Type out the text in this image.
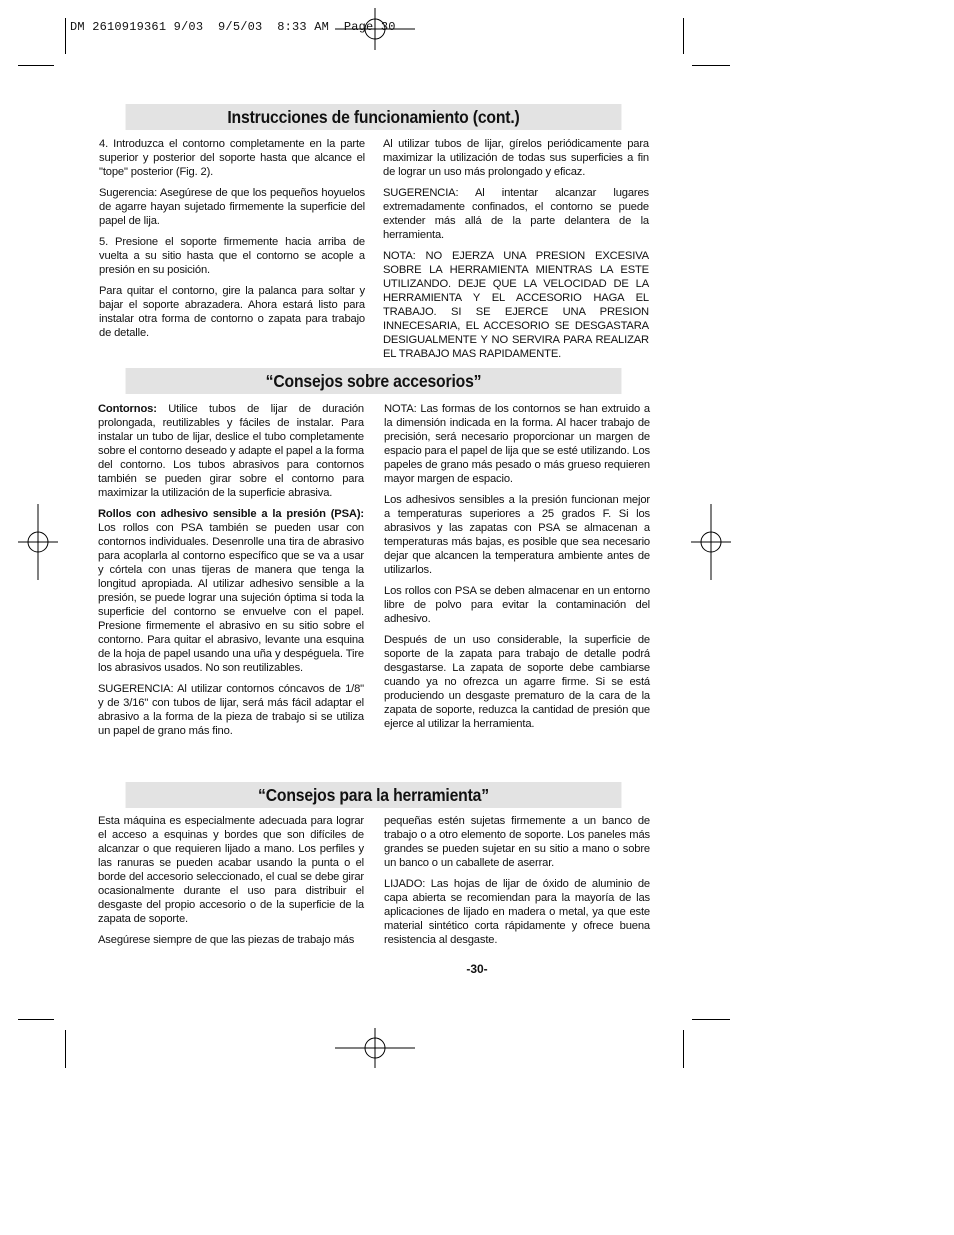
DM 2610919361 9/03  9/5/03  8:33 AM  Page 30
Instrucciones de funcionamiento (cont.)

4. Introduzca el contorno completamente en la parte superior y posterior del soporte hasta que alcance el "tope" posterior (Fig. 2).

Sugerencia: Asegúrese de que los pequeños hoyuelos de agarre hayan sujetado firmemente la superficie del papel de lija.

5. Presione el soporte firmemente hacia arriba de vuelta a su sitio hasta que el contorno se acople a presión en su posición.

Para quitar el contorno, gire la palanca para soltar y bajar el soporte abrazadera. Ahora estará listo para instalar otra forma de contorno o zapata para trabajo de detalle.

Al utilizar tubos de lijar, gírelos periódicamente para maximizar la utilización de todas sus superficies a fin de lograr un uso más prolongado y eficaz.

SUGERENCIA: Al intentar alcanzar lugares extremadamente confinados, el contorno se puede extender más allá de la parte delantera de la herramienta.

NOTA: NO EJERZA UNA PRESION EXCESIVA SOBRE LA HERRAMIENTA MIENTRAS LA ESTE UTILIZANDO. DEJE QUE LA VELOCIDAD DE LA HERRAMIENTA Y EL ACCESORIO HAGA EL TRABAJO. SI SE EJERCE UNA PRESION INNECESARIA, EL ACCESORIO SE DESGASTARA DESIGUALMENTE Y NO SERVIRA PARA REALIZAR EL TRABAJO MAS RAPIDAMENTE.

“Consejos sobre accesorios”

Contornos: Utilice tubos de lijar de duración prolongada, reutilizables y fáciles de instalar. Para instalar un tubo de lijar, deslice el tubo completamente sobre el contorno deseado y adapte el papel a la forma del contorno. Los tubos abrasivos para contornos también se pueden girar sobre el contorno para maximizar la utilización de la superficie abrasiva.

Rollos con adhesivo sensible a la presión (PSA): Los rollos con PSA también se pueden usar con contornos individuales. Desenrolle una tira de abrasivo para acoplarla al contorno específico que se va a usar y córtela con unas tijeras de manera que tenga la longitud apropiada. Al utilizar adhesivo sensible a la presión, se puede lograr una sujeción óptima si toda la superficie del contorno se envuelve con el papel. Presione firmemente el abrasivo en su sitio sobre el contorno. Para quitar el abrasivo, levante una esquina de la hoja de papel usando una uña y despéguela. Tire los abrasivos usados. No son reutilizables.

SUGERENCIA: Al utilizar contornos cóncavos de 1/8" y de 3/16" con tubos de lijar, será más fácil adaptar el abrasivo a la forma de la pieza de trabajo si se utiliza un papel de grano más fino.

NOTA: Las formas de los contornos se han extruido a la dimensión indicada en la forma. Al hacer trabajo de precisión, será necesario proporcionar un margen de espacio para el papel de lija que se esté utilizando. Los papeles de grano más pesado o más grueso requieren mayor margen de espacio.

Los adhesivos sensibles a la presión funcionan mejor a temperaturas superiores a 25 grados F. Si los abrasivos y las zapatas con PSA se almacenan a temperaturas más bajas, es posible que sea necesario dejar que alcancen la temperatura ambiente antes de utilizarlos.

Los rollos con PSA se deben almacenar en un entorno libre de polvo para evitar la contaminación del adhesivo.

Después de un uso considerable, la superficie de soporte de la zapata para trabajo de detalle podrá desgastarse. La zapata de soporte debe cambiarse cuando ya no ofrezca un agarre firme. Si se está produciendo un desgaste prematuro de la cara de la zapata de soporte, reduzca la cantidad de presión que ejerce al utilizar la herramienta.

“Consejos para la herramienta”

Esta máquina es especialmente adecuada para lograr el acceso a esquinas y bordes que son difíciles de alcanzar o que requieren lijado a mano. Los perfiles y las ranuras se pueden acabar usando la punta o el borde del accesorio seleccionado, el cual se debe girar ocasionalmente durante el uso para distribuir el desgaste del propio accesorio o de la superficie de la zapata de soporte.

Asegúrese siempre de que las piezas de trabajo más

pequeñas estén sujetas firmemente a un banco de trabajo o a otro elemento de soporte. Los paneles más grandes se pueden sujetar en su sitio a mano o sobre un banco o un caballete de aserrar.

LIJADO: Las hojas de lijar de óxido de aluminio de capa abierta se recomiendan para la mayoría de las aplicaciones de lijado en madera o metal, ya que este material sintético corta rápidamente y ofrece buena resistencia al desgaste.

-30-
